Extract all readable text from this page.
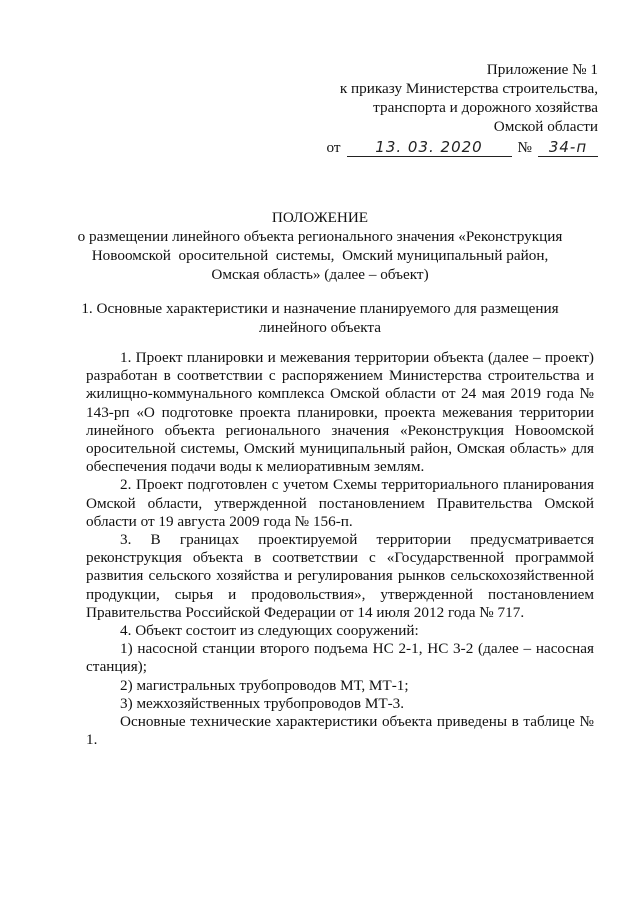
Приложение № 1
к приказу Министерства строительства,
транспорта и дорожного хозяйства
Омской области
от	13. 03. 2020	№	34-п
ПОЛОЖЕНИЕ
о размещении линейного объекта регионального значения «Реконструкция
Новоомской  оросительной  системы,  Омский муниципальный район,
Омская область» (далее – объект)
1. Основные характеристики и назначение планируемого для размещения
линейного объекта

1. Проект планировки и межевания территории объекта (далее – проект) разработан в соответствии с распоряжением Министерства строительства и жилищно-коммунального комплекса Омской области от 24 мая 2019 года № 143-рп «О подготовке проекта планировки, проекта межевания территории линейного объекта регионального значения «Реконструкция Новоомской оросительной системы, Омский муниципальный район, Омская область» для обеспечения подачи воды к мелиоративным землям.

2. Проект подготовлен с учетом Схемы территориального планирования Омской области, утвержденной постановлением Правительства Омской области от 19 августа 2009 года № 156-п.

3. В границах проектируемой территории предусматривается реконструкция объекта в соответствии с «Государственной программой развития сельского хозяйства и регулирования рынков сельскохозяйственной продукции, сырья и продовольствия», утвержденной постановлением Правительства Российской Федерации от 14 июля 2012 года № 717.

4. Объект состоит из следующих сооружений:

1) насосной станции второго подъема НС 2-1, НС 3-2 (далее – насосная станция);

2) магистральных трубопроводов МТ, МТ-1;

3) межхозяйственных трубопроводов МТ-3.

Основные технические характеристики объекта приведены в таблице № 1.
